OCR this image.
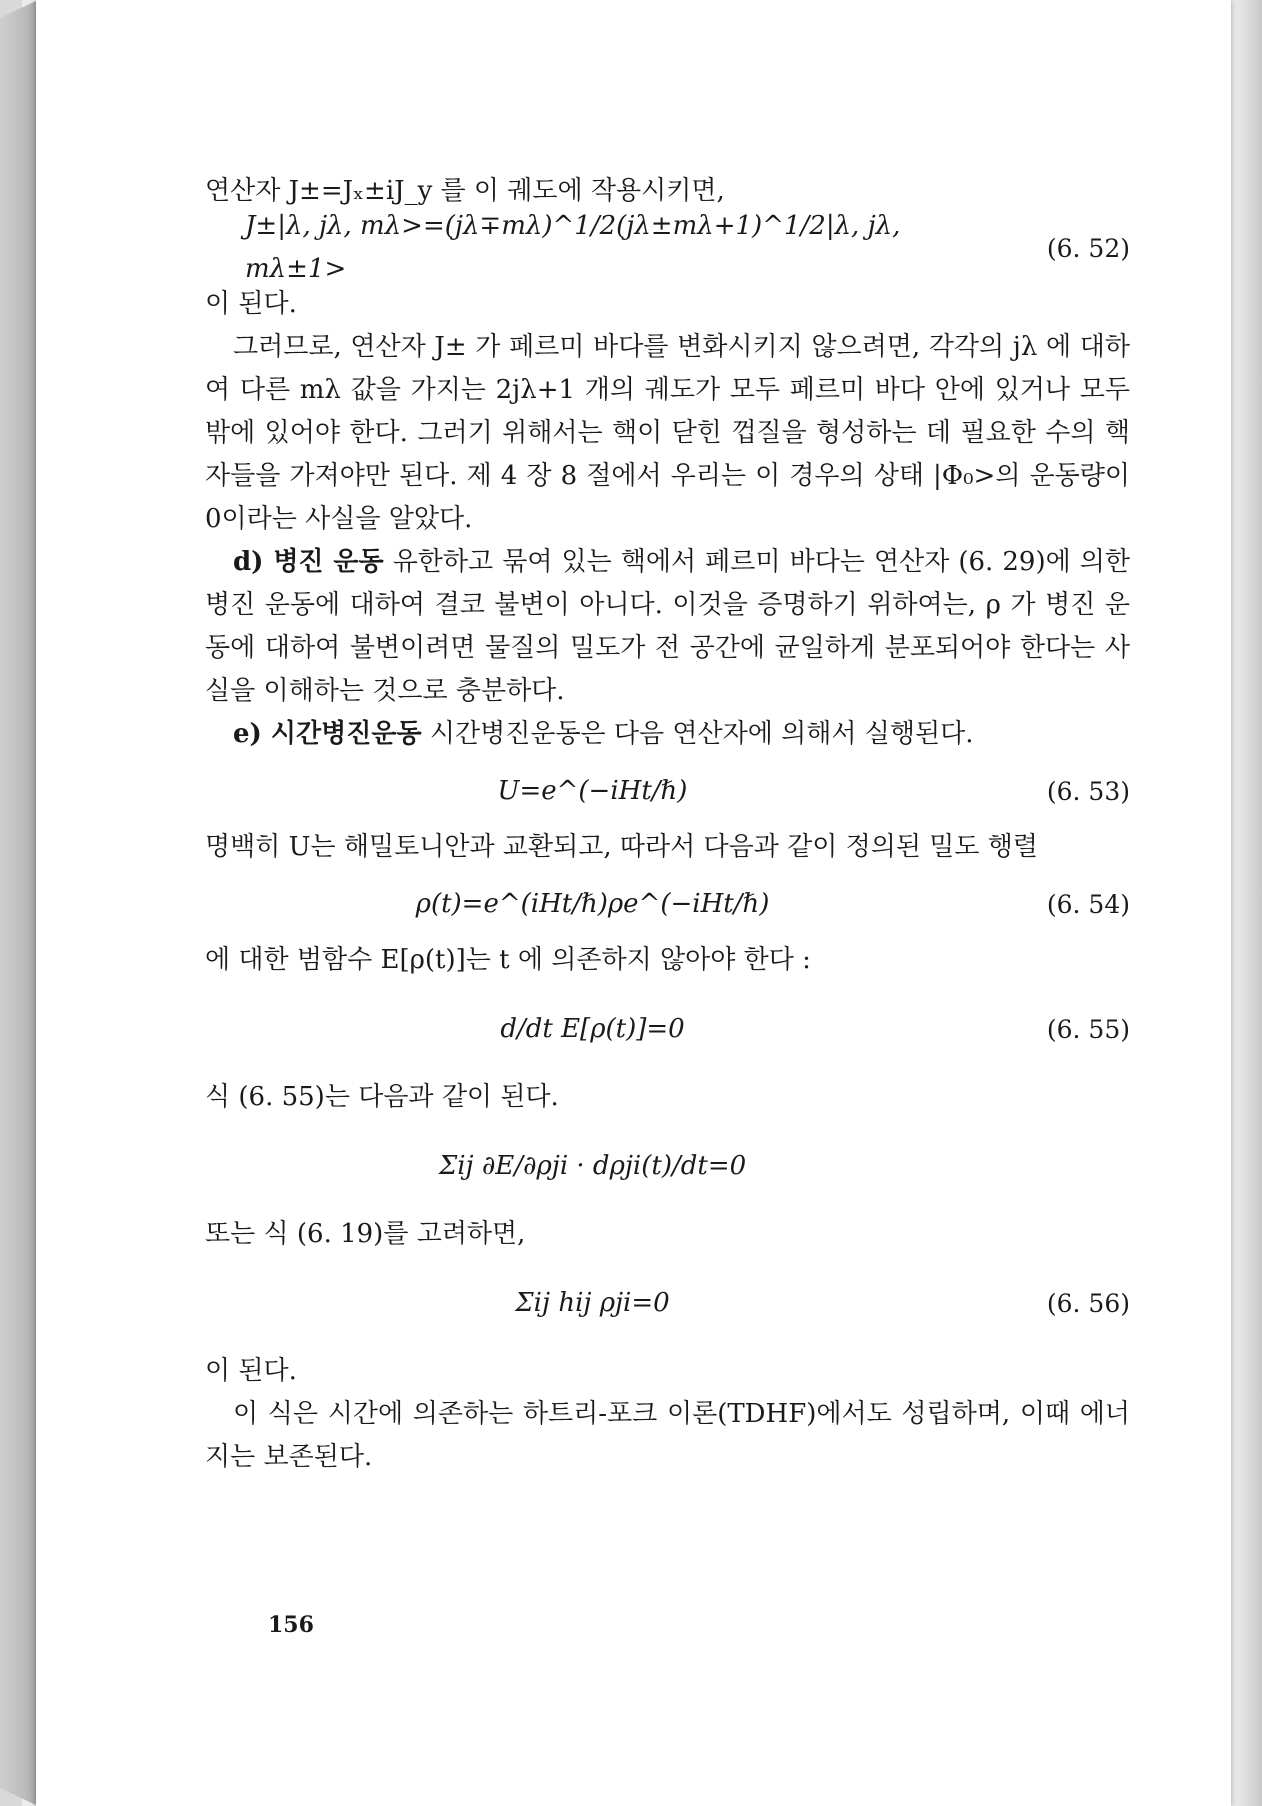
연산자 J±=Jₓ±iJ_y 를 이 궤도에 작용시키면,

J±|λ, jλ, mλ>=(jλ∓mλ)^1/2(jλ±mλ+1)^1/2|λ, jλ, mλ±1>
(6. 52)

이 된다.

그러므로, 연산자 J± 가 페르미 바다를 변화시키지 않으려면, 각각의 jλ 에 대하여 다른 mλ 값을 가지는 2jλ+1 개의 궤도가 모두 페르미 바다 안에 있거나 모두 밖에 있어야 한다. 그러기 위해서는 핵이 닫힌 껍질을 형성하는 데 필요한 수의 핵자들을 가져야만 된다. 제 4 장 8 절에서 우리는 이 경우의 상태 |Φ₀>의 운동량이 0이라는 사실을 알았다.

d) 병진 운동 유한하고 묶여 있는 핵에서 페르미 바다는 연산자 (6. 29)에 의한 병진 운동에 대하여 결코 불변이 아니다. 이것을 증명하기 위하여는, ρ 가 병진 운동에 대하여 불변이려면 물질의 밀도가 전 공간에 균일하게 분포되어야 한다는 사실을 이해하는 것으로 충분하다.

e) 시간병진운동 시간병진운동은 다음 연산자에 의해서 실행된다.

U=e^(−iHt/ℏ)	(6. 53)

명백히 U는 해밀토니안과 교환되고, 따라서 다음과 같이 정의된 밀도 행렬

ρ(t)=e^(iHt/ℏ)ρe^(−iHt/ℏ)	(6. 54)

에 대한 범함수 E[ρ(t)]는 t 에 의존하지 않아야 한다 :

d/dt E[ρ(t)]=0	(6. 55)

식 (6. 55)는 다음과 같이 된다.

Σij ∂E/∂ρji · dρji(t)/dt=0

또는 식 (6. 19)를 고려하면,

Σij hij ρji=0	(6. 56)

이 된다.

이 식은 시간에 의존하는 하트리-포크 이론(TDHF)에서도 성립하며, 이때 에너지는 보존된다.

156
